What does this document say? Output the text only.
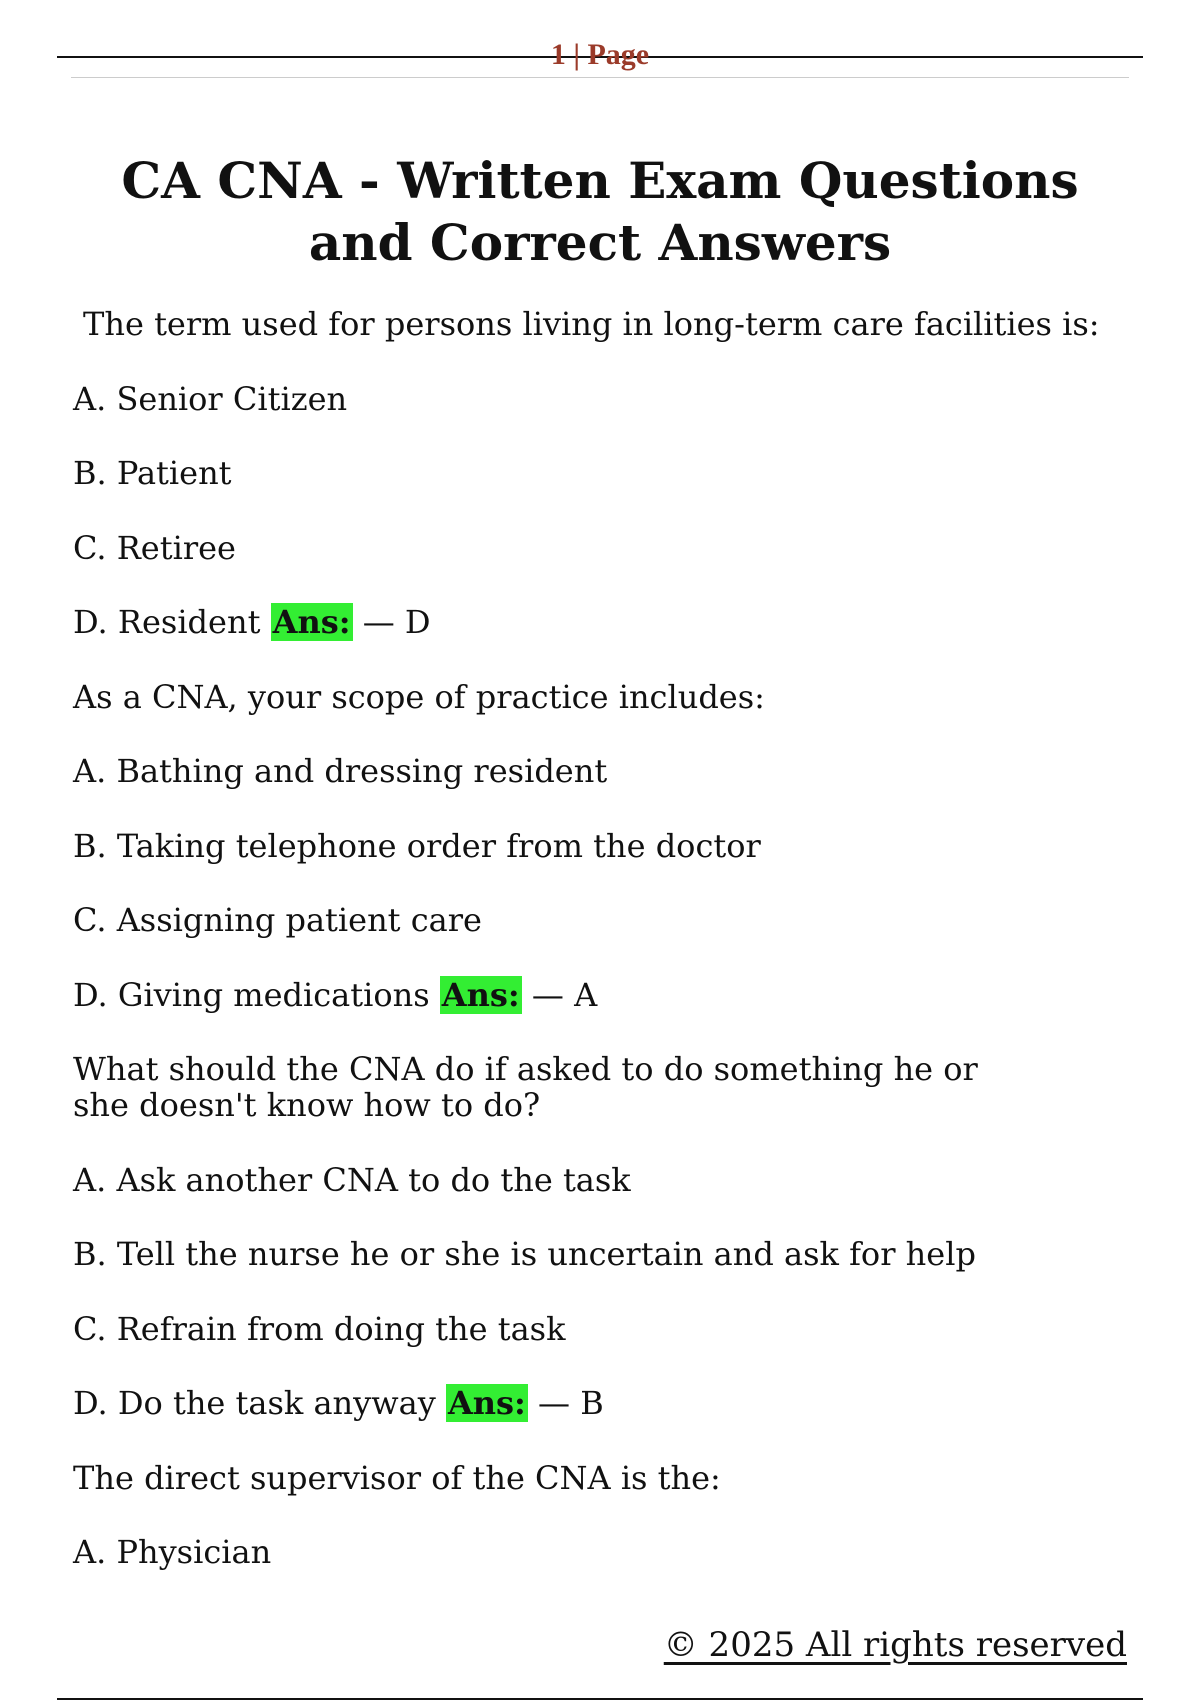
1 | Page
CA CNA - Written Exam Questions and Correct Answers

The term used for persons living in long-term care facilities is:

A. Senior Citizen

B. Patient

C. Retiree

D. Resident Ans: — D

As a CNA, your scope of practice includes:

A. Bathing and dressing resident

B. Taking telephone order from the doctor

C. Assigning patient care

D. Giving medications Ans: — A

What should the CNA do if asked to do something he or she doesn't know how to do?

A. Ask another CNA to do the task

B. Tell the nurse he or she is uncertain and ask for help

C. Refrain from doing the task

D. Do the task anyway Ans: — B

The direct supervisor of the CNA is the:

A. Physician

© 2025 All rights reserved
